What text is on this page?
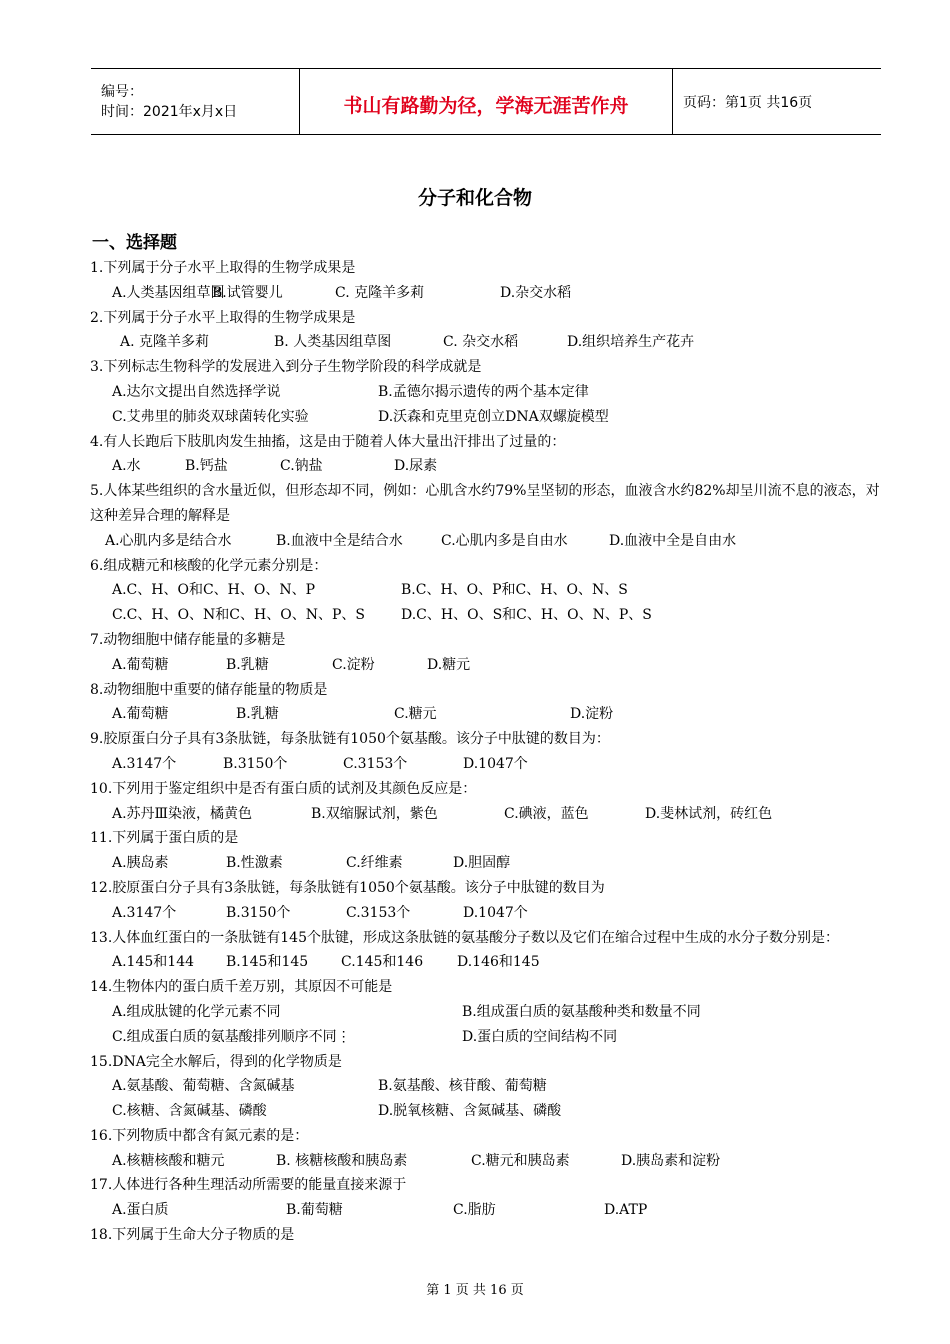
编号：
时间：2021年x月x日	书山有路勤为径，学海无涯苦作舟	页码：第1页 共16页
分子和化合物
一、选择题
1.下列属于分子水平上取得的生物学成果是
A.人类基因组草图
B.试管婴儿	C. 克隆羊多莉	D.杂交水稻
2.下列属于分子水平上取得的生物学成果是
A. 克隆羊多莉	B. 人类基因组草图	C. 杂交水稻	D.组织培养生产花卉
3.下列标志生物科学的发展进入到分子生物学阶段的科学成就是
A.达尔文提出自然选择学说	B.孟德尔揭示遗传的两个基本定律
C.艾弗里的肺炎双球菌转化实验	D.沃森和克里克创立DNA双螺旋模型
4.有人长跑后下肢肌肉发生抽搐，这是由于随着人体大量出汗排出了过量的：
A.水	B.钙盐	C.钠盐	D.尿素
5.人体某些组织的含水量近似，但形态却不同，例如：心肌含水约79%呈坚韧的形态，血液含水约82%却呈川流不息的液态，对这种差异合理的解释是
A.心肌内多是结合水	B.血液中全是结合水	C.心肌内多是自由水	D.血液中全是自由水
6.组成糖元和核酸的化学元素分别是：
A.C、H、O和C、H、O、N、P	B.C、H、O、P和C、H、O、N、S
C.C、H、O、N和C、H、O、N、P、S	D.C、H、O、S和C、H、O、N、P、S
7.动物细胞中储存能量的多糖是
A.葡萄糖	B.乳糖	C.淀粉	D.糖元
8.动物细胞中重要的储存能量的物质是
A.葡萄糖	B.乳糖	C.糖元	D.淀粉
9.胶原蛋白分子具有3条肽链，每条肽链有1050个氨基酸。该分子中肽键的数目为：
A.3147个	B.3150个	C.3153个	D.1047个
10.下列用于鉴定组织中是否有蛋白质的试剂及其颜色反应是：
A.苏丹Ⅲ染液，橘黄色	B.双缩脲试剂，紫色	C.碘液，蓝色	D.斐林试剂，砖红色
11.下列属于蛋白质的是
A.胰岛素	B.性激素	C.纤维素	D.胆固醇
12.胶原蛋白分子具有3条肽链，每条肽链有1050个氨基酸。该分子中肽键的数目为
A.3147个	B.3150个	C.3153个	D.1047个
13.人体血红蛋白的一条肽链有145个肽键，形成这条肽链的氨基酸分子数以及它们在缩合过程中生成的水分子数分别是：
A.145和144 B.145和145 C.145和146 D.146和145
14.生物体内的蛋白质千差万别，其原因不可能是
A.组成肽键的化学元素不同	B.组成蛋白质的氨基酸种类和数量不同
C.组成蛋白质的氨基酸排列顺序不同⋮	D.蛋白质的空间结构不同
15.DNA完全水解后，得到的化学物质是
A.氨基酸、葡萄糖、含氮碱基	B.氨基酸、核苷酸、葡萄糖
C.核糖、含氮碱基、磷酸	D.脱氧核糖、含氮碱基、磷酸
16.下列物质中都含有氮元素的是：
A.核糖核酸和糖元	B. 核糖核酸和胰岛素	C.糖元和胰岛素	D.胰岛素和淀粉
17.人体进行各种生理活动所需要的能量直接来源于
A.蛋白质	B.葡萄糖	C.脂肪	D.ATP
18.下列属于生命大分子物质的是
第 1 页 共 16 页
